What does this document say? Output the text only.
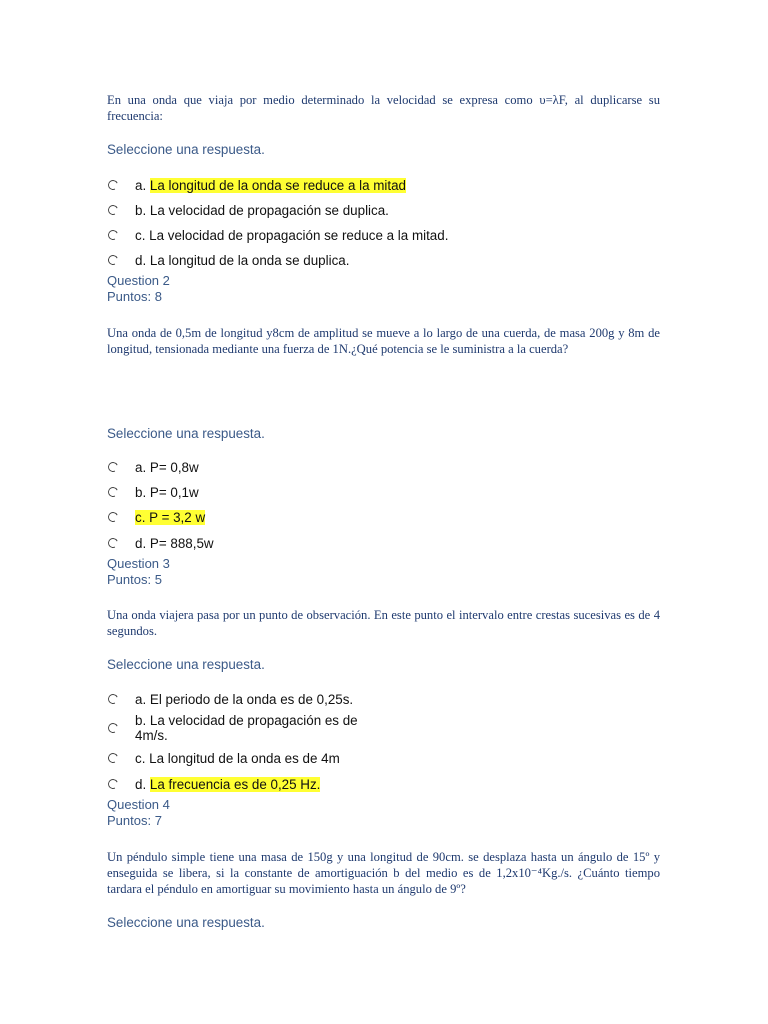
En una onda que viaja por medio determinado la velocidad se expresa como υ=λF, al duplicarse su frecuencia:
Seleccione una respuesta.
a. La longitud de la onda se reduce a la mitad
b. La velocidad de propagación se duplica.
c. La velocidad de propagación se reduce a la mitad.
d. La longitud de la onda se duplica.
Question 2
Puntos: 8
Una onda de 0,5m de longitud y8cm de amplitud se mueve a lo largo de una cuerda, de masa 200g y 8m de longitud, tensionada mediante una fuerza de 1N.¿Qué potencia se le suministra a la cuerda?
Seleccione una respuesta.
a. P= 0,8w
b. P= 0,1w
c. P = 3,2 w
d. P= 888,5w
Question 3
Puntos: 5
Una onda viajera pasa por un punto de observación. En este punto el intervalo entre crestas sucesivas es de 4 segundos.
Seleccione una respuesta.
a. El periodo de la onda es de 0,25s.
b. La velocidad de propagación es de 4m/s.
c. La longitud de la onda es de 4m
d. La frecuencia es de 0,25 Hz.
Question 4
Puntos: 7
Un péndulo simple tiene una masa de 150g y una longitud de 90cm. se desplaza hasta un ángulo de 15º y enseguida se libera, si la constante de amortiguación b del medio es de 1,2x10⁻⁴Kg./s. ¿Cuánto tiempo tardara el péndulo en amortiguar su movimiento hasta un ángulo de 9º?
Seleccione una respuesta.
